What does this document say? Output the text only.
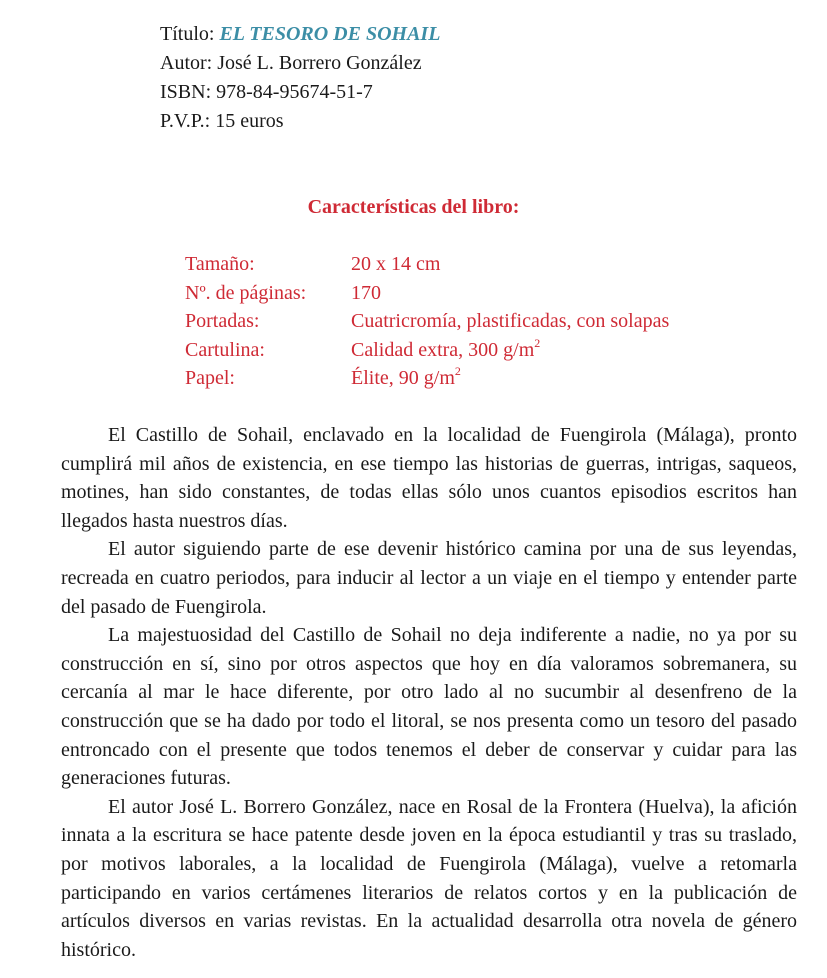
Título: EL TESORO DE SOHAIL
Autor: José L. Borrero González
ISBN: 978-84-95674-51-7
P.V.P.: 15 euros
Características del libro:
Tamaño:	20 x 14 cm
Nº. de páginas:	170
Portadas:	Cuatricromía, plastificadas, con solapas
Cartulina:	Calidad extra, 300 $g/m^2$
Papel:	Élite, 90 $g/m^2$

El Castillo de Sohail, enclavado en la localidad de Fuengirola (Málaga), pronto cumplirá mil años de existencia, en ese tiempo las historias de guerras, intrigas, saqueos, motines, han sido constantes, de todas ellas sólo unos cuantos episodios escritos han llegados hasta nuestros días.

El autor siguiendo parte de ese devenir histórico camina por una de sus leyendas, recreada en cuatro periodos, para inducir al lector a un viaje en el tiempo y entender parte del pasado de Fuengirola.

La majestuosidad del Castillo de Sohail no deja indiferente a nadie, no ya por su construcción en sí, sino por otros aspectos que hoy en día valoramos sobremanera, su cercanía al mar le hace diferente, por otro lado al no sucumbir al desenfreno de la construcción que se ha dado por todo el litoral, se nos presenta como un tesoro del pasado entroncado con el presente que todos tenemos el deber de conservar y cuidar para las generaciones futuras.

El autor José L. Borrero González, nace en Rosal de la Frontera (Huelva), la afición innata a la escritura se hace patente desde joven en la época estudiantil y tras su traslado, por motivos laborales, a la localidad de Fuengirola (Málaga), vuelve a retomarla participando en varios certámenes literarios de relatos cortos y en la publicación de artículos diversos en varias revistas. En la actualidad desarrolla otra novela de género histórico.
